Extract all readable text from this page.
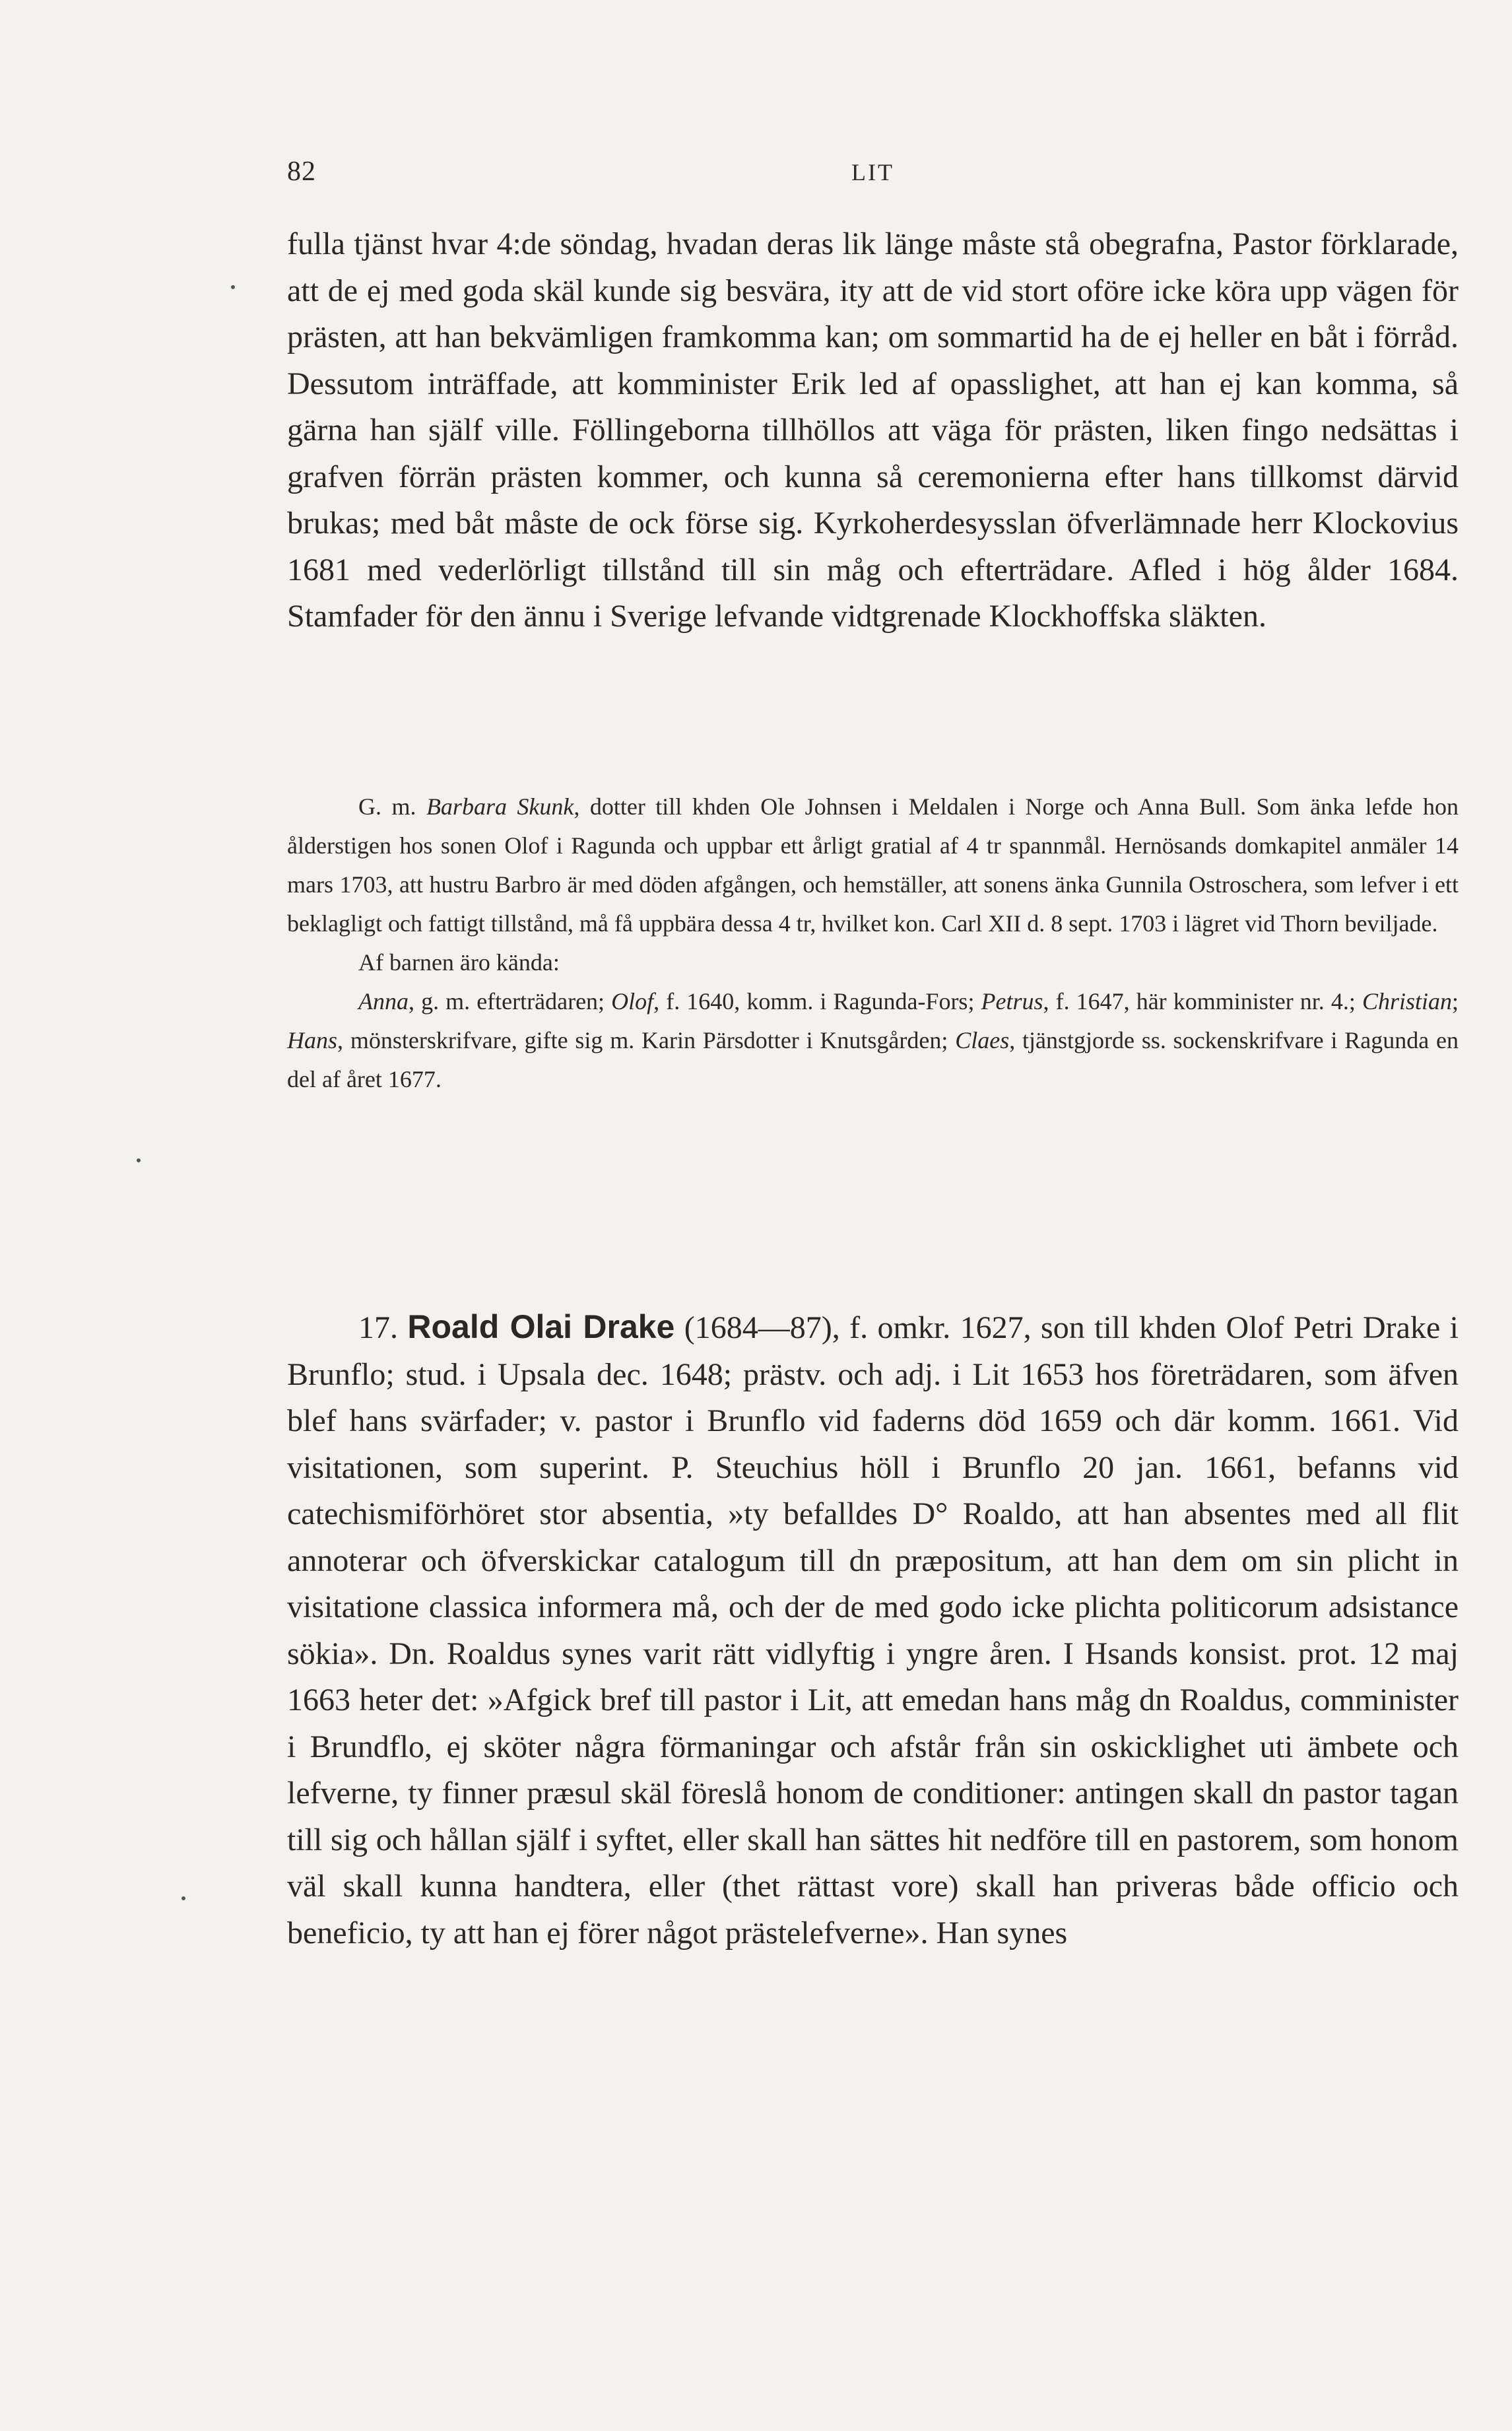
82	LIT
fulla tjänst hvar 4:de söndag, hvadan deras lik länge måste stå obegrafna, Pastor förklarade, att de ej med goda skäl kunde sig besvära, ity att de vid stort oföre icke köra upp vägen för prästen, att han bekvämligen framkomma kan; om sommartid ha de ej heller en båt i förråd. Dessutom inträffade, att komminister Erik led af opasslighet, att han ej kan komma, så gärna han själf ville. Föllingeborna tillhöllos att väga för prästen, liken fingo nedsättas i grafven förrän prästen kommer, och kunna så ceremonierna efter hans tillkomst därvid brukas; med båt måste de ock förse sig. Kyrkoherdesysslan öfverlämnade herr Klockovius 1681 med vederlörligt tillstånd till sin måg och efterträdare. Afled i hög ålder 1684. Stamfader för den ännu i Sverige lefvande vidtgrenade Klockhoffska släkten.

G. m. Barbara Skunk, dotter till khden Ole Johnsen i Meldalen i Norge och Anna Bull. Som änka lefde hon ålderstigen hos sonen Olof i Ragunda och uppbar ett årligt gratial af 4 tr spannmål. Hernösands domkapitel anmäler 14 mars 1703, att hustru Barbro är med döden afgången, och hemställer, att sonens änka Gunnila Ostroschera, som lefver i ett beklagligt och fattigt tillstånd, må få uppbära dessa 4 tr, hvilket kon. Carl XII d. 8 sept. 1703 i lägret vid Thorn beviljade.

Af barnen äro kända:

Anna, g. m. efterträdaren; Olof, f. 1640, komm. i Ragunda-Fors; Petrus, f. 1647, här komminister nr. 4.; Christian; Hans, mönsterskrifvare, gifte sig m. Karin Pärsdotter i Knutsgården; Claes, tjänstgjorde ss. sockenskrifvare i Ragunda en del af året 1677.

17. Roald Olai Drake (1684—87), f. omkr. 1627, son till khden Olof Petri Drake i Brunflo; stud. i Upsala dec. 1648; prästv. och adj. i Lit 1653 hos företrädaren, som äfven blef hans svärfader; v. pastor i Brunflo vid faderns död 1659 och där komm. 1661. Vid visitationen, som superint. P. Steuchius höll i Brunflo 20 jan. 1661, befanns vid catechismiförhöret stor absentia, »ty befalldes D° Roaldo, att han absentes med all flit annoterar och öfverskickar catalogum till dn præpositum, att han dem om sin plicht in visitatione classica informera må, och der de med godo icke plichta politicorum adsistance sökia». Dn. Roaldus synes varit rätt vidlyftig i yngre åren. I Hsands konsist. prot. 12 maj 1663 heter det: »Afgick bref till pastor i Lit, att emedan hans måg dn Roaldus, comminister i Brundflo, ej sköter några förmaningar och afstår från sin oskicklighet uti ämbete och lefverne, ty finner præsul skäl föreslå honom de conditioner: antingen skall dn pastor tagan till sig och hållan själf i syftet, eller skall han sättes hit nedföre till en pastorem, som honom väl skall kunna handtera, eller (thet rättast vore) skall han priveras både officio och beneficio, ty att han ej förer något prästelefverne». Han synes
